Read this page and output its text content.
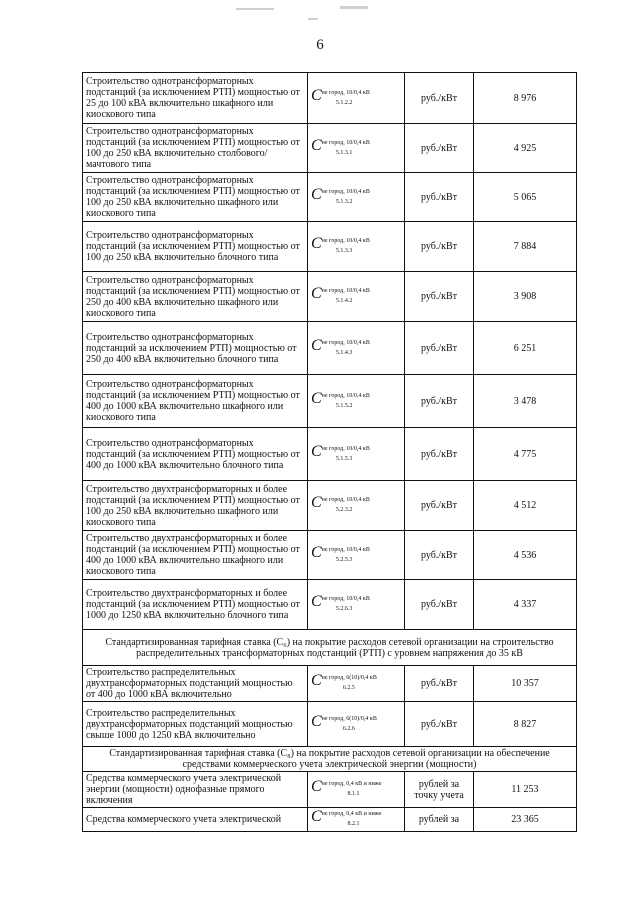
6
Строительство однотрансформаторных подстанций (за исключением РТП) мощностью от 25 до 100 кВА включительно шкафного или киоскового типа	$C^{не город, 10/0,4 кВ}5.1.2.2$	руб./кВт	8 976
Строительство однотрансформаторных подстанций (за исключением РТП) мощностью от 100 до 250 кВА включительно столбового/мачтового типа	$C^{не город, 10/0,4 кВ}5.1.3.1$	руб./кВт	4 925
Строительство однотрансформаторных подстанций (за исключением РТП) мощностью от 100 до 250 кВА включительно шкафного или киоскового типа	$C^{не город, 10/0,4 кВ}5.1.3.2$	руб./кВт	5 065
Строительство однотрансформаторных подстанций (за исключением РТП) мощностью от 100 до 250 кВА включительно блочного типа	$C^{не город, 10/0,4 кВ}5.1.3.3$	руб./кВт	7 884
Строительство однотрансформаторных подстанций (за исключением РТП) мощностью от 250 до 400 кВА включительно шкафного или киоскового типа	$C^{не город, 10/0,4 кВ}5.1.4.2$	руб./кВт	3 908
Строительство однотрансформаторных подстанций за исключением РТП) мощностью от 250 до 400 кВА включительно блочного типа	$C^{не город, 10/0,4 кВ}5.1.4.3$	руб./кВт	6 251
Строительство однотрансформаторных подстанций (за исключением РТП) мощностью от 400 до 1000 кВА включительно шкафного или киоскового типа	$C^{не город, 10/0,4 кВ}5.1.5.2$	руб./кВт	3 478
Строительство однотрансформаторных подстанций (за исключением РТП) мощностью от 400 до 1000 кВА включительно блочного типа	$C^{не город, 10/0,4 кВ}5.1.5.3$	руб./кВт	4 775
Строительство двухтрансформаторных и более подстанций (за исключением РТП) мощностью от 100 до 250 кВА включительно шкафного или киоскового типа	$C^{не город, 10/0,4 кВ}5.2.3.2$	руб./кВт	4 512
Строительство двухтрансформаторных и более подстанций (за исключением РТП) мощностью от 400 до 1000 кВА включительно шкафного или киоскового типа	$C^{не город, 10/0,4 кВ}5.2.5.3$	руб./кВт	4 536
Строительство двухтрансформаторных и более подстанций (за исключением РТП) мощностью от 1000 до 1250 кВА включительно блочного типа	$C^{не город, 10/0,4 кВ}5.2.6.3$	руб./кВт	4 337
Стандартизированная тарифная ставка (С₆) на покрытие расходов сетевой организации на строительство распределительных трансформаторных подстанций (РТП) с уровнем напряжения до 35 кВ			
Строительство распределительных двухтрансформаторных подстанций мощностью от 400 до 1000 кВА включительно	$C^{не город, 6(10)/0,4 кВ}6.2.5$	руб./кВт	10 357
Строительство распределительных двухтрансформаторных подстанций мощностью свыше 1000 до 1250 кВА включительно	$C^{не город, 6(10)/0,4 кВ}6.2.6$	руб./кВт	8 827
Стандартизированная тарифная ставка (С₈) на покрытие расходов сетевой организации на обеспечение средствами коммерческого учета электрической энергии (мощности)			
Средства коммерческого учета электрической энергии (мощности) однофазные прямого включения	$C^{не город, 0,4 кВ и ниже}8.1.1$	рублей за точку учета	11 253
Средства коммерческого учета электрической	$C^{не город, 0,4 кВ и ниже}8.2.1$	рублей за	23 365
